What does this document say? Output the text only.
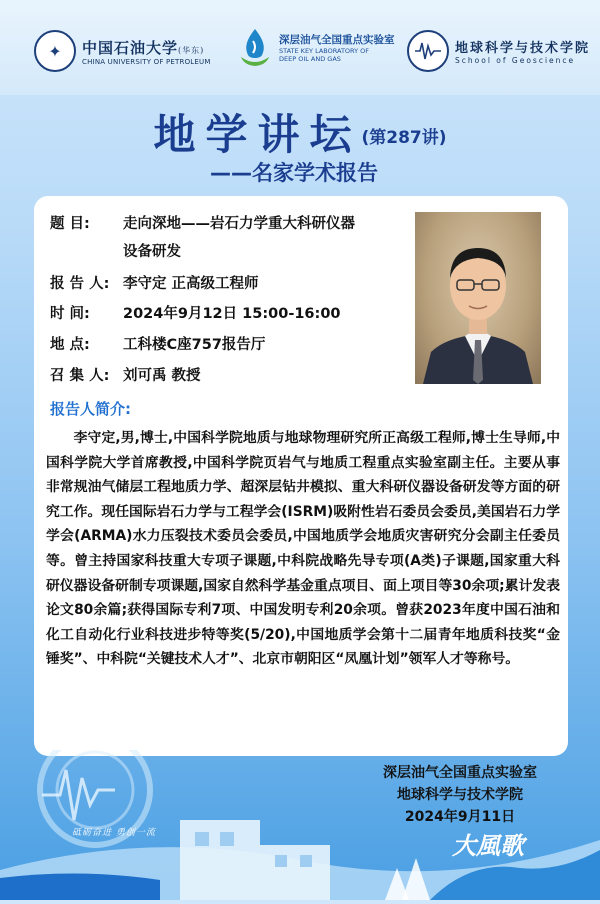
✦	中国石油大学(华东)
CHINA UNIVERSITY OF PETROLEUM
深层油气全国重点实验室
STATE KEY LABORATORY OF
DEEP OIL AND GAS
地球科学与技术学院
School of Geoscience
地学讲坛(第287讲)
——名家学术报告
题 目: 走向深地——岩石力学重大科研仪器
设备研发
报 告 人: 李守定 正高级工程师
时 间: 2024年9月12日 15:00-16:00
地 点: 工科楼C座757报告厅
召 集 人: 刘可禹 教授
报告人简介:
李守定,男,博士,中国科学院地质与地球物理研究所正高级工程师,博士生导师,中国科学院大学首席教授,中国科学院页岩气与地质工程重点实验室副主任。主要从事非常规油气储层工程地质力学、超深层钻井模拟、重大科研仪器设备研发等方面的研究工作。现任国际岩石力学与工程学会(ISRM)吸附性岩石委员会委员,美国岩石力学学会(ARMA)水力压裂技术委员会委员,中国地质学会地质灾害研究分会副主任委员等。曾主持国家科技重大专项子课题,中科院战略先导专项(A类)子课题,国家重大科研仪器设备研制专项课题,国家自然科学基金重点项目、面上项目等30余项;累计发表论文80余篇;获得国际专利7项、中国发明专利20余项。曾获2023年度中国石油和化工自动化行业科技进步特等奖(5/20),中国地质学会第十二届青年地质科技奖“金锤奖”、中科院“关键技术人才”、北京市朝阳区“凤凰计划”领军人才等称号。
深层油气全国重点实验室
地球科学与技术学院
2024年9月11日
砥砺奋进 勇创一流	大風歌
